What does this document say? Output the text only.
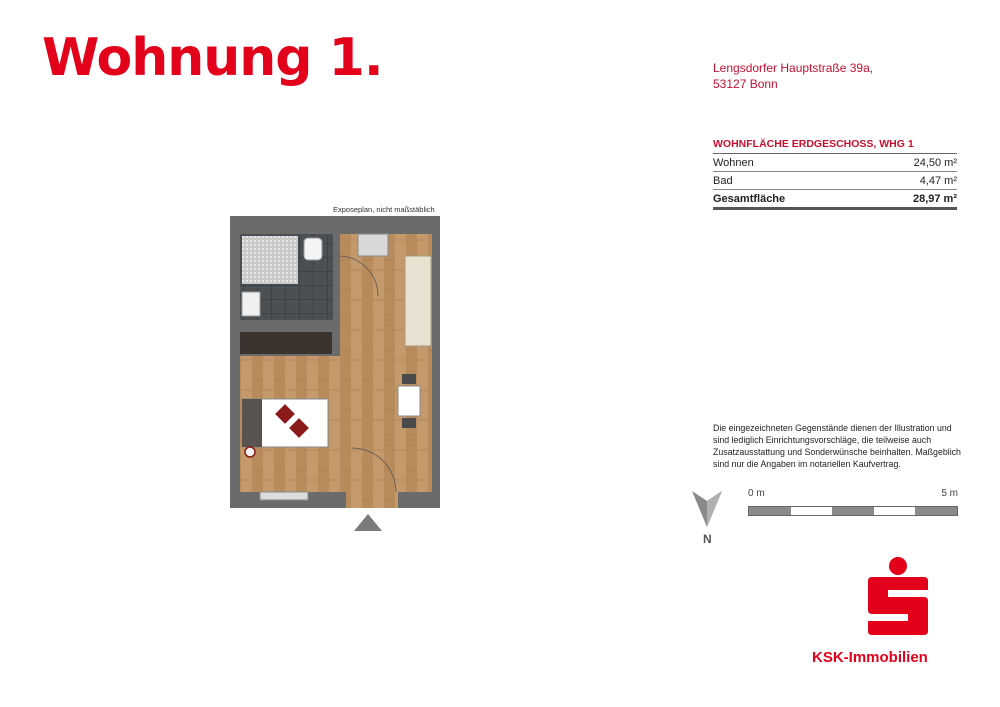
Wohnung 1.	Lengsdorfer Hauptstraße 39a,
53127 Bonn
WOHNFLÄCHE ERDGESCHOSS, WHG 1
Wohnen	24,50 m²
Bad	4,47 m²
Gesamtfläche	28,97 m²
Exposeplan, nicht maßstäblich
Die eingezeichneten Gegenstände dienen der Illustration und sind lediglich Einrichtungsvorschläge, die teilweise auch Zusatzausstattung und Sonderwünsche beinhalten. Maßgeblich sind nur die Angaben im notariellen Kaufvertrag.
N
0 m	5 m
KSK-Immobilien
